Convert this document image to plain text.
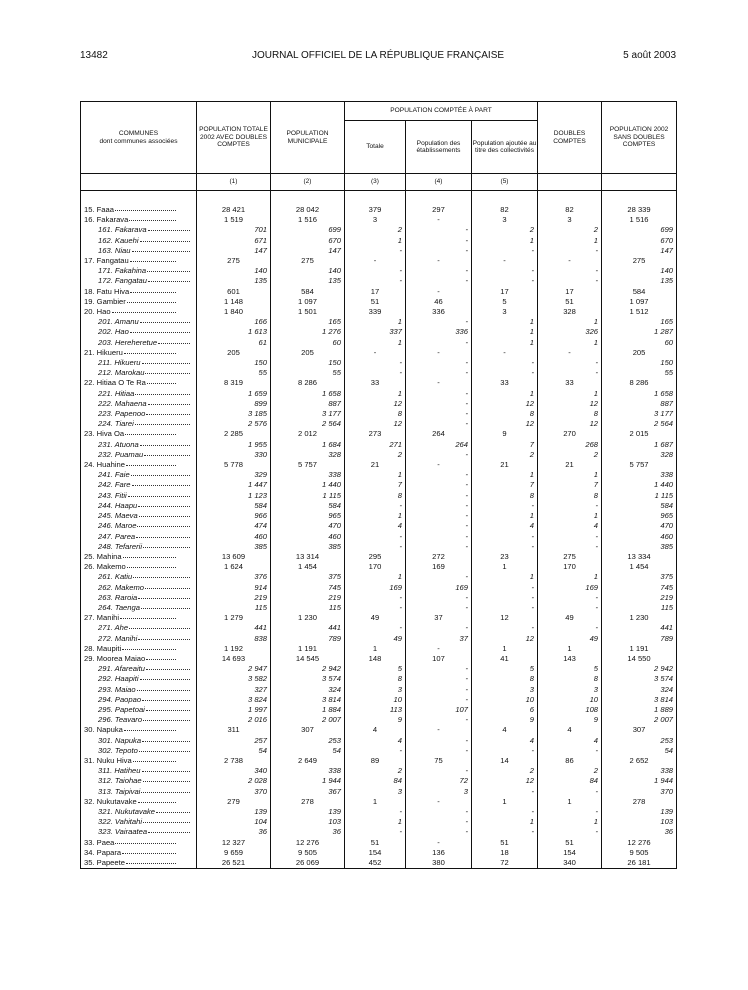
13482	JOURNAL OFFICIEL DE LA RÉPUBLIQUE FRANÇAISE	5 août 2003
COMMUNES
dont communes associées	POPULATION TOTALE 2002 AVEC DOUBLES COMPTES	POPULATION MUNICIPALE	POPULATION COMPTÉE À PART			DOUBLES COMPTES	POPULATION 2002 SANS DOUBLES COMPTES
			Totale	Population des établissements	Population ajoutée au titre des collectivités		
	(1)	(2)	(3)	(4)	(5)		

15. Faaa	28 421	28 042	379	297	82	82	28 339
16. Fakarava	1 519	1 516	3	-	3	3	1 516
161. Fakarava	701	699	2	-	2	2	699
162. Kauehi	671	670	1	-	1	1	670
163. Niau	147	147	-	-	-	-	147
17. Fangatau	275	275	-	-	-	-	275
171. Fakahina	140	140	-	-	-	-	140
172. Fangatau	135	135	-	-	-	-	135
18. Fatu Hiva	601	584	17	-	17	17	584
19. Gambier	1 148	1 097	51	46	5	51	1 097
20. Hao	1 840	1 501	339	336	3	328	1 512
201. Amanu	166	165	1	-	1	1	165
202. Hao	1 613	1 276	337	336	1	326	1 287
203. Hereheretue	61	60	1	-	1	1	60
21. Hikueru	205	205	-	-	-	-	205
211. Hikueru	150	150	-	-	-	-	150
212. Marokau	55	55	-	-	-	-	55
22. Hitiaa O Te Ra	8 319	8 286	33	-	33	33	8 286
221. Hitiaa	1 659	1 658	1	-	1	1	1 658
222. Mahaena	899	887	12	-	12	12	887
223. Papenoo	3 185	3 177	8	-	8	8	3 177
224. Tiarei	2 576	2 564	12	-	12	12	2 564
23. Hiva Oa	2 285	2 012	273	264	9	270	2 015
231. Atuona	1 955	1 684	271	264	7	268	1 687
232. Puamau	330	328	2	-	2	2	328
24. Huahine	5 778	5 757	21	-	21	21	5 757
241. Faie	329	338	1	-	1	1	338
242. Fare	1 447	1 440	7	-	7	7	1 440
243. Fitii	1 123	1 115	8	-	8	8	1 115
244. Haapu	584	584	-	-	-	-	584
245. Maeva	966	965	1	-	1	1	965
246. Maroe	474	470	4	-	4	4	470
247. Parea	460	460	-	-	-	-	460
248. Tefarerii	385	385	-	-	-	-	385
25. Mahina	13 609	13 314	295	272	23	275	13 334
26. Makemo	1 624	1 454	170	169	1	170	1 454
261. Katiu	376	375	1	-	1	1	375
262. Makemo	914	745	169	169	-	169	745
263. Raroia	219	219	-	-	-	-	219
264. Taenga	115	115	-	-	-	-	115
27. Manihi	1 279	1 230	49	37	12	49	1 230
271. Ahe	441	441	-	-	-	-	441
272. Manihi	838	789	49	37	12	49	789
28. Maupiti	1 192	1 191	1	-	1	1	1 191
29. Moorea Maiao	14 693	14 545	148	107	41	143	14 550
291. Afareaitu	2 947	2 942	5	-	5	5	2 942
292. Haapiti	3 582	3 574	8	-	8	8	3 574
293. Maiao	327	324	3	-	3	3	324
294. Paopao	3 824	3 814	10	-	10	10	3 814
295. Papetoai	1 997	1 884	113	107	6	108	1 889
296. Teavaro	2 016	2 007	9	-	9	9	2 007
30. Napuka	311	307	4	-	4	4	307
301. Napuka	257	253	4	-	4	4	253
302. Tepoto	54	54	-	-	-	-	54
31. Nuku Hiva	2 738	2 649	89	75	14	86	2 652
311. Hatiheu	340	338	2	-	2	2	338
312. Taiohae	2 028	1 944	84	72	12	84	1 944
313. Taipivai	370	367	3	3	-	-	370
32. Nukutavake	279	278	1	-	1	1	278
321. Nukutavake	139	139	-	-	-	-	139
322. Vahitahi	104	103	1	-	1	1	103
323. Vairaatea	36	36	-	-	-	-	36
33. Paea	12 327	12 276	51	-	51	51	12 276
34. Papara	9 659	9 505	154	136	18	154	9 505
35. Papeete	26 521	26 069	452	380	72	340	26 181
